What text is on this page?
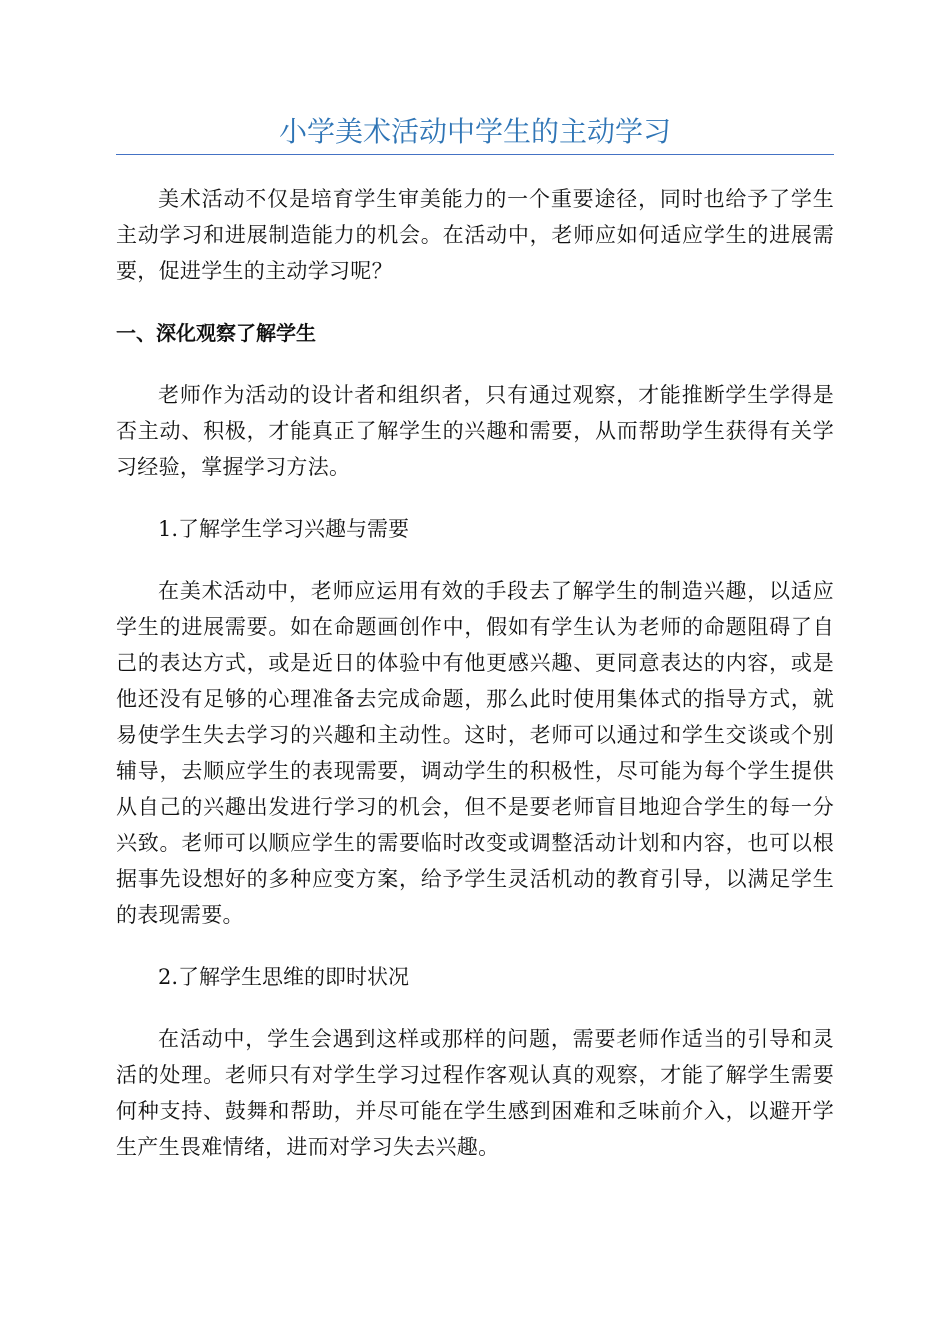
小学美术活动中学生的主动学习

美术活动不仅是培育学生审美能力的一个重要途径，同时也给予了学生主动学习和进展制造能力的机会。在活动中，老师应如何适应学生的进展需要，促进学生的主动学习呢？

一、深化观察了解学生

老师作为活动的设计者和组织者，只有通过观察，才能推断学生学得是否主动、积极，才能真正了解学生的兴趣和需要，从而帮助学生获得有关学习经验，掌握学习方法。

1.了解学生学习兴趣与需要

在美术活动中，老师应运用有效的手段去了解学生的制造兴趣，以适应学生的进展需要。如在命题画创作中，假如有学生认为老师的命题阻碍了自己的表达方式，或是近日的体验中有他更感兴趣、更同意表达的内容，或是他还没有足够的心理准备去完成命题，那么此时使用集体式的指导方式，就易使学生失去学习的兴趣和主动性。这时，老师可以通过和学生交谈或个别辅导，去顺应学生的表现需要，调动学生的积极性，尽可能为每个学生提供从自己的兴趣出发进行学习的机会，但不是要老师盲目地迎合学生的每一分兴致。老师可以顺应学生的需要临时改变或调整活动计划和内容，也可以根据事先设想好的多种应变方案，给予学生灵活机动的教育引导，以满足学生的表现需要。

2.了解学生思维的即时状况

在活动中，学生会遇到这样或那样的问题，需要老师作适当的引导和灵活的处理。老师只有对学生学习过程作客观认真的观察，才能了解学生需要何种支持、鼓舞和帮助，并尽可能在学生感到困难和乏味前介入，以避开学生产生畏难情绪，进而对学习失去兴趣。
